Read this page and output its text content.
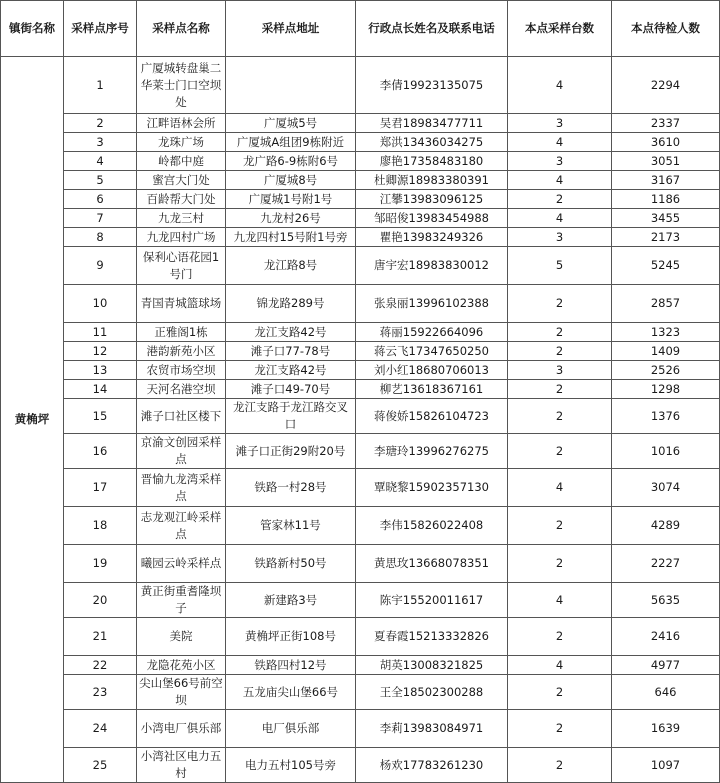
镇街名称	采样点序号	采样点名称	采样点地址	行政点长姓名及联系电话	本点采样台数	本点待检人数
黄桷坪	1	广厦城转盘巢二华莱士门口空坝处		李倩19923135075	4	2294
	2	江畔语林会所	广厦城5号	吴君18983477711	3	2337
	3	龙珠广场	广厦城A组团9栋附近	郑洪13436034275	4	3610
	4	岭都中庭	龙广路6-9栋附6号	廖艳17358483180	3	3051
	5	蜜宫大门处	广厦城8号	杜卿源18983380391	4	3167
	6	百龄帮大门处	广厦城1号附1号	江攀13983096125	2	1186
	7	九龙三村	九龙村26号	邹昭俊13983454988	4	3455
	8	九龙四村广场	九龙四村15号附1号旁	瞿艳13983249326	3	2173
	9	保利心语花园1号门	龙江路8号	唐宇宏18983830012	5	5245
	10	青国青城篮球场	锦龙路289号	张泉丽13996102388	2	2857
	11	正雅阁1栋	龙江支路42号	蒋丽15922664096	2	1323
	12	港韵新苑小区	滩子口77-78号	蒋云飞17347650250	2	1409
	13	农贸市场空坝	龙江支路42号	刘小红18680706013	3	2526
	14	天河名港空坝	滩子口49-70号	柳艺13618367161	2	1298
	15	滩子口社区楼下	龙江支路于龙江路交叉口	蒋俊娇15826104723	2	1376
	16	京渝文创园采样点	滩子口正街29附20号	李瑭玲13996276275	2	1016
	17	晋愉九龙湾采样点	铁路一村28号	覃晓黎15902357130	4	3074
	18	志龙观江岭采样点	管家林11号	李伟15826022408	2	4289
	19	曦园云岭采样点	铁路新村50号	黄思玫13668078351	2	2227
	20	黄正街重耆隆坝子	新建路3号	陈宇15520011617	4	5635
	21	美院	黄桷坪正街108号	夏春霞15213332826	2	2416
	22	龙隐花苑小区	铁路四村12号	胡英13008321825	4	4977
	23	尖山堡66号前空坝	五龙庙尖山堡66号	王全18502300288	2	646
	24	小湾电厂俱乐部	电厂俱乐部	李莉13983084971	2	1639
	25	小湾社区电力五村	电力五村105号旁	杨欢17783261230	2	1097
